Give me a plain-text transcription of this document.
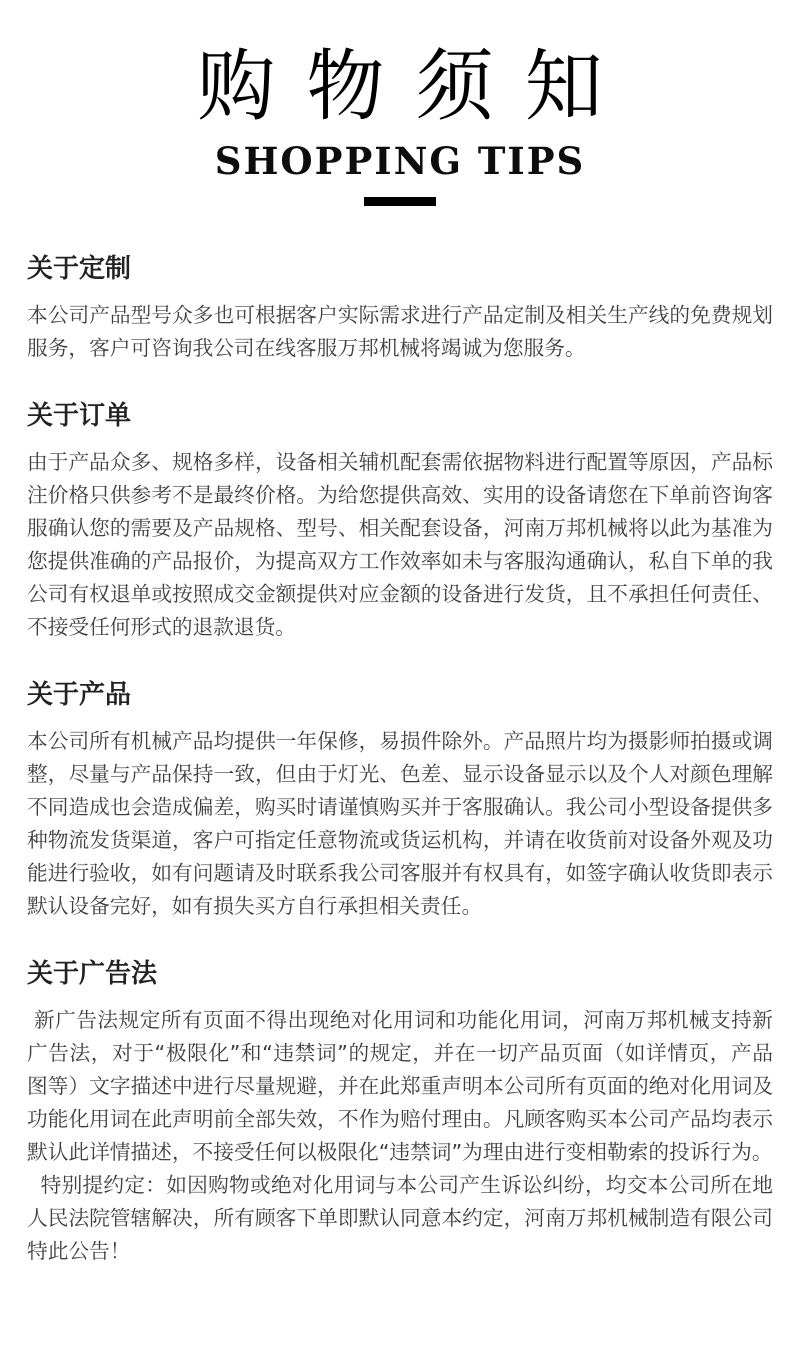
购物须知
SHOPPING TIPS
关于定制

本公司产品型号众多也可根据客户实际需求进行产品定制及相关生产线的免费规划服务，客户可咨询我公司在线客服万邦机械将竭诚为您服务。

关于订单

由于产品众多、规格多样，设备相关辅机配套需依据物料进行配置等原因，产品标注价格只供参考不是最终价格。为给您提供高效、实用的设备请您在下单前咨询客服确认您的需要及产品规格、型号、相关配套设备，河南万邦机械将以此为基准为您提供准确的产品报价，为提高双方工作效率如未与客服沟通确认，私自下单的我公司有权退单或按照成交金额提供对应金额的设备进行发货，且不承担任何责任、不接受任何形式的退款退货。

关于产品

本公司所有机械产品均提供一年保修，易损件除外。产品照片均为摄影师拍摄或调整，尽量与产品保持一致，但由于灯光、色差、显示设备显示以及个人对颜色理解不同造成也会造成偏差，购买时请谨慎购买并于客服确认。我公司小型设备提供多种物流发货渠道，客户可指定任意物流或货运机构，并请在收货前对设备外观及功能进行验收，如有问题请及时联系我公司客服并有权具有，如签字确认收货即表示默认设备完好，如有损失买方自行承担相关责任。

关于广告法

新广告法规定所有页面不得出现绝对化用词和功能化用词，河南万邦机械支持新广告法，对于“极限化”和“违禁词”的规定，并在一切产品页面（如详情页，产品图等）文字描述中进行尽量规避，并在此郑重声明本公司所有页面的绝对化用词及功能化用词在此声明前全部失效，不作为赔付理由。凡顾客购买本公司产品均表示默认此详情描述，不接受任何以极限化“违禁词”为理由进行变相勒索的投诉行为。

特别提约定：如因购物或绝对化用词与本公司产生诉讼纠纷，均交本公司所在地人民法院管辖解决，所有顾客下单即默认同意本约定，河南万邦机械制造有限公司特此公告！
